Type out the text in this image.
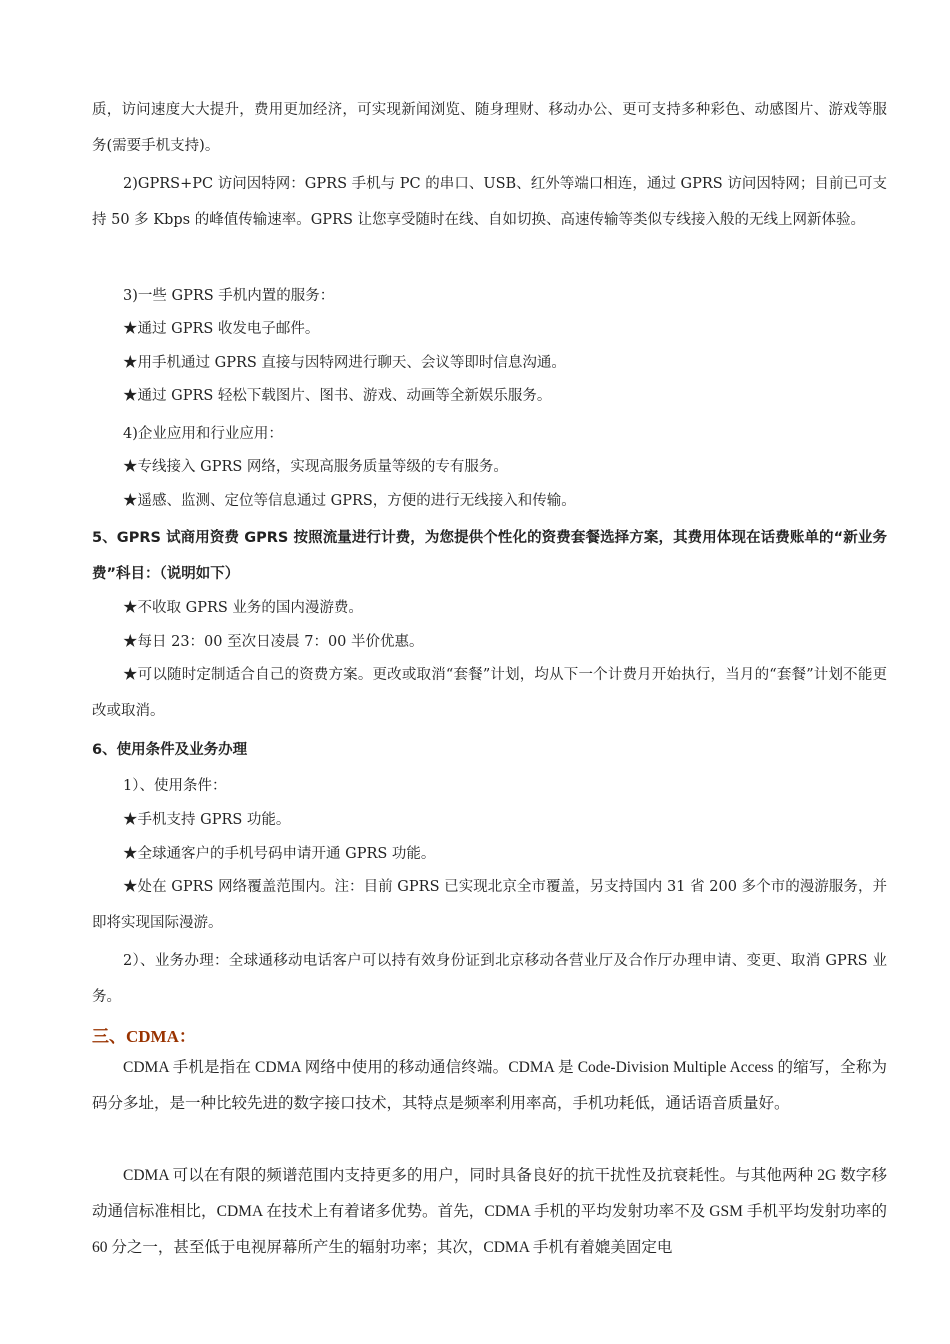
质，访问速度大大提升，费用更加经济，可实现新闻浏览、随身理财、移动办公、更可支持多种彩色、动感图片、游戏等服务(需要手机支持)。

2)GPRS+PC 访问因特网：GPRS 手机与 PC 的串口、USB、红外等端口相连，通过 GPRS 访问因特网；目前已可支持 50 多 Kbps 的峰值传输速率。GPRS 让您享受随时在线、自如切换、高速传输等类似专线接入般的无线上网新体验。

3)一些 GPRS 手机内置的服务：

★通过 GPRS 收发电子邮件。

★用手机通过 GPRS 直接与因特网进行聊天、会议等即时信息沟通。

★通过 GPRS 轻松下载图片、图书、游戏、动画等全新娱乐服务。

4)企业应用和行业应用：

★专线接入 GPRS 网络，实现高服务质量等级的专有服务。

★遥感、监测、定位等信息通过 GPRS，方便的进行无线接入和传输。

5、GPRS 试商用资费 GPRS 按照流量进行计费，为您提供个性化的资费套餐选择方案，其费用体现在话费账单的“新业务费”科目：（说明如下）

★不收取 GPRS 业务的国内漫游费。

★每日 23：00 至次日凌晨 7：00 半价优惠。

★可以随时定制适合自己的资费方案。更改或取消“套餐”计划，均从下一个计费月开始执行，当月的“套餐”计划不能更改或取消。

6、使用条件及业务办理

1）、使用条件：

★手机支持 GPRS 功能。

★全球通客户的手机号码申请开通 GPRS 功能。

★处在 GPRS 网络覆盖范围内。注：目前 GPRS 已实现北京全市覆盖，另支持国内 31 省 200 多个市的漫游服务，并即将实现国际漫游。

2）、业务办理：全球通移动电话客户可以持有效身份证到北京移动各营业厅及合作厅办理申请、变更、取消 GPRS 业务。

三、CDMA：

CDMA 手机是指在 CDMA 网络中使用的移动通信终端。CDMA 是 Code-Division Multiple Access 的缩写，全称为码分多址，是一种比较先进的数字接口技术，其特点是频率利用率高，手机功耗低，通话语音质量好。

CDMA 可以在有限的频谱范围内支持更多的用户，同时具备良好的抗干扰性及抗衰耗性。与其他两种 2G 数字移动通信标准相比，CDMA 在技术上有着诸多优势。首先，CDMA 手机的平均发射功率不及 GSM 手机平均发射功率的 60 分之一，甚至低于电视屏幕所产生的辐射功率；其次，CDMA 手机有着媲美固定电
